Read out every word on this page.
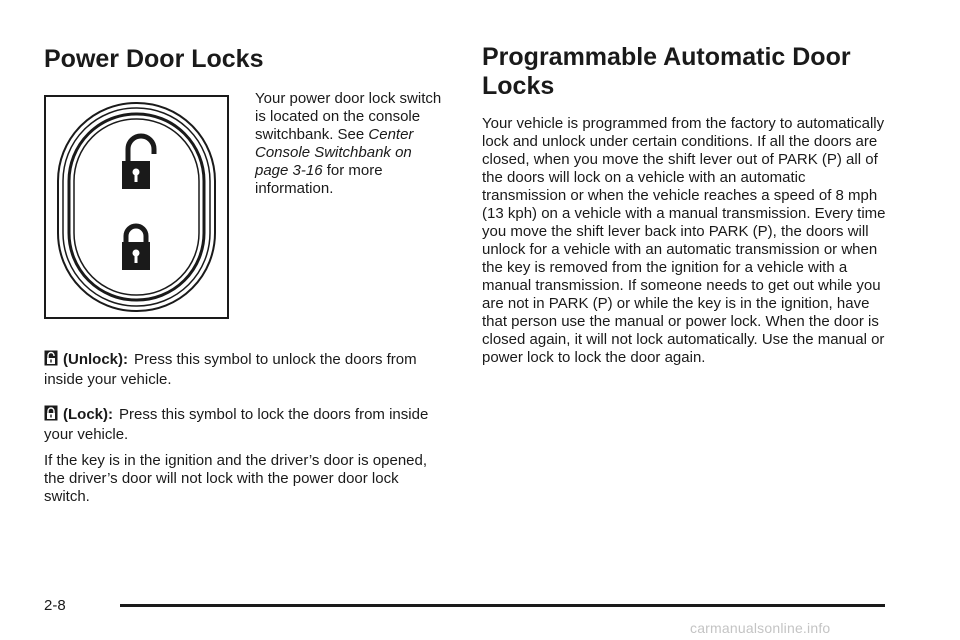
Power Door Locks

Your power door lock switch is located on the console switchbank. See Center Console Switchbank on page 3-16 for more information.

(Unlock): Press this symbol to unlock the doors from inside your vehicle.

(Lock): Press this symbol to lock the doors from inside your vehicle.

If the key is in the ignition and the driver’s door is opened, the driver’s door will not lock with the power door lock switch.

Programmable Automatic Door Locks

Your vehicle is programmed from the factory to automatically lock and unlock under certain conditions. If all the doors are closed, when you move the shift lever out of PARK (P) all of the doors will lock on a vehicle with an automatic transmission or when the vehicle reaches a speed of 8 mph (13 kph) on a vehicle with a manual transmission. Every time you move the shift lever back into PARK (P), the doors will unlock for a vehicle with an automatic transmission or when the key is removed from the ignition for a vehicle with a manual transmission. If someone needs to get out while you are not in PARK (P) or while the key is in the ignition, have that person use the manual or power lock. When the door is closed again, it will not lock automatically. Use the manual or power lock to lock the door again.

2-8
carmanualsonline.info
